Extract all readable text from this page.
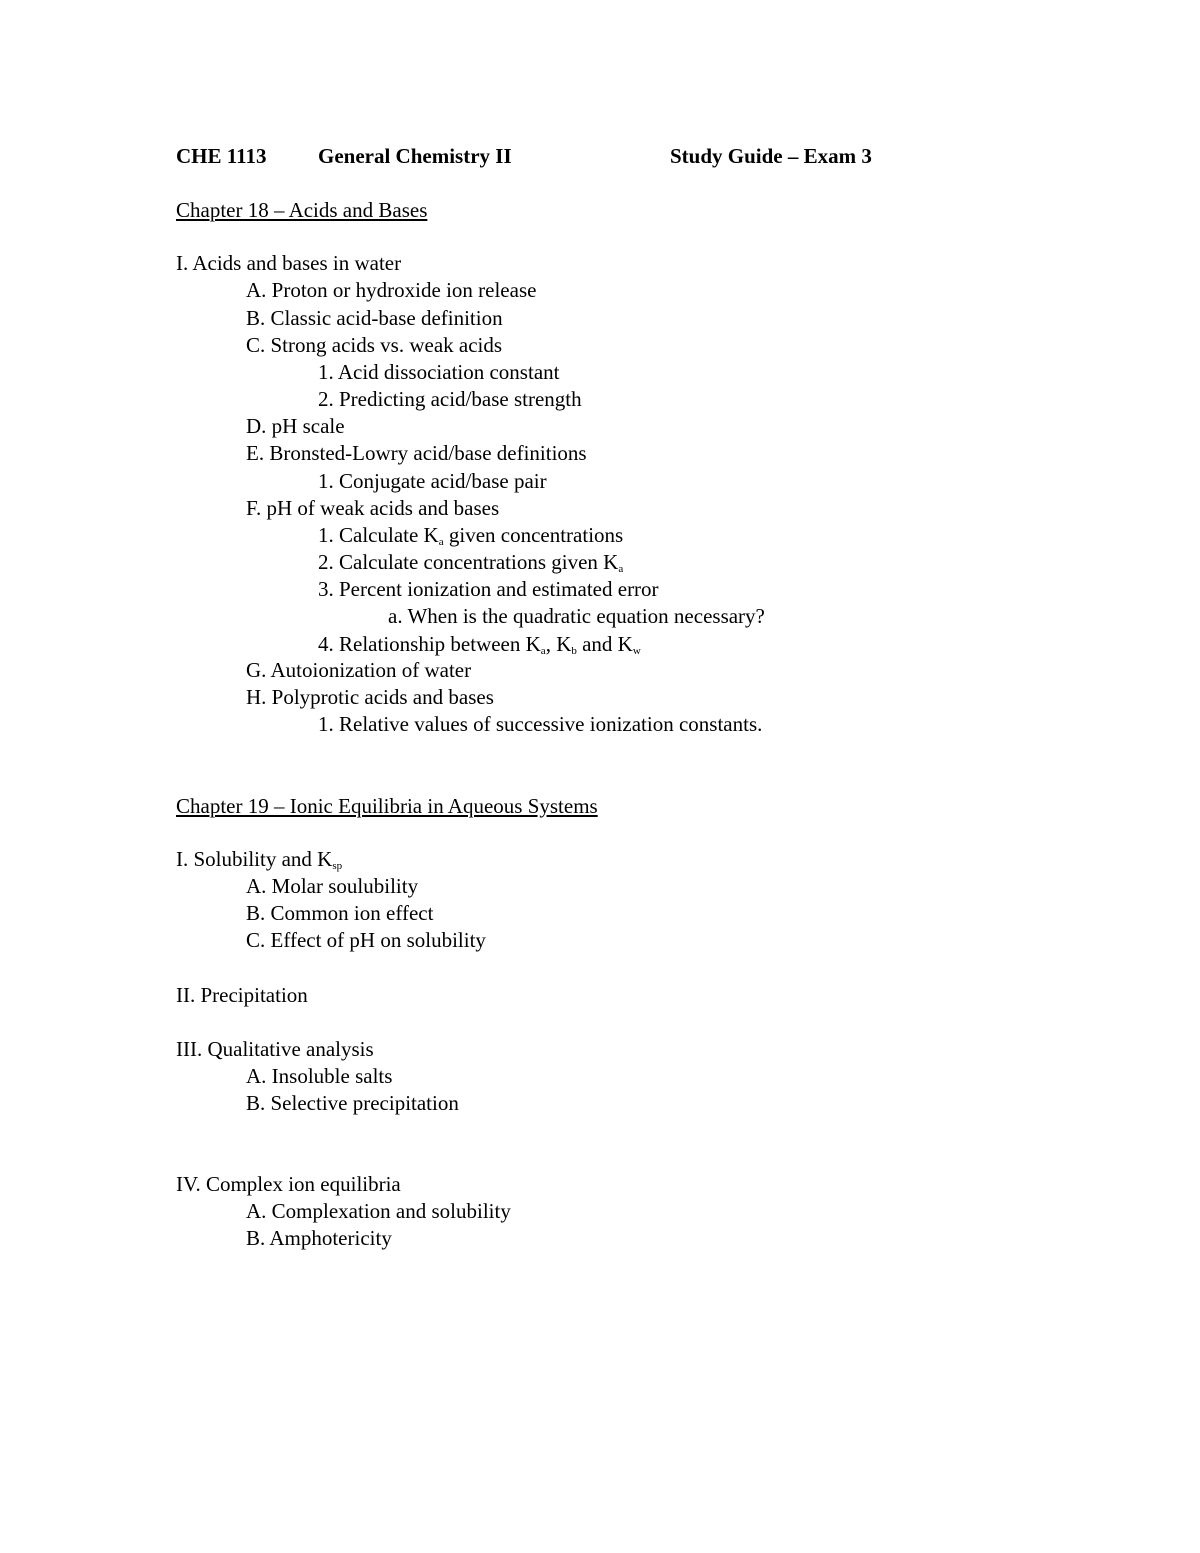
CHE 1113 General Chemistry II	Study Guide – Exam 3
Chapter 18 – Acids and Bases
I. Acids and bases in water
A. Proton or hydroxide ion release
B. Classic acid-base definition
C. Strong acids vs. weak acids
1. Acid dissociation constant
2. Predicting acid/base strength
D. pH scale
E. Bronsted-Lowry acid/base definitions
1. Conjugate acid/base pair
F. pH of weak acids and bases
1. Calculate $K_a$ given concentrations
2. Calculate concentrations given $K_a$
3. Percent ionization and estimated error
a. When is the quadratic equation necessary?
4. Relationship between $K_a$, $K_b$ and $K_w$
G. Autoionization of water
H. Polyprotic acids and bases
1. Relative values of successive ionization constants.
Chapter 19 – Ionic Equilibria in Aqueous Systems
I. Solubility and $K_{sp}$
A. Molar soulubility
B. Common ion effect
C. Effect of pH on solubility
II. Precipitation
III. Qualitative analysis
A. Insoluble salts
B. Selective precipitation
IV. Complex ion equilibria
A. Complexation and solubility
B. Amphotericity
